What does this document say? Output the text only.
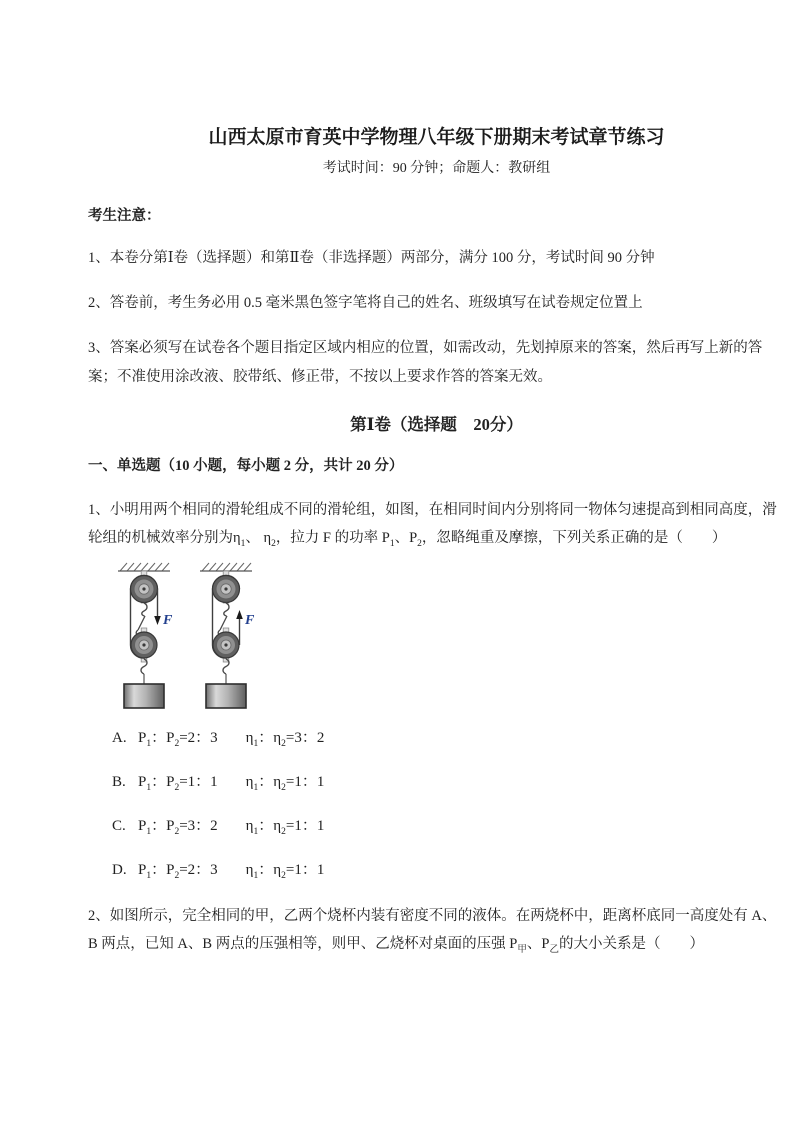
山西太原市育英中学物理八年级下册期末考试章节练习
考试时间：90 分钟；命题人：教研组
考生注意：

1、本卷分第Ⅰ卷（选择题）和第Ⅱ卷（非选择题）两部分，满分 100 分，考试时间 90 分钟

2、答卷前，考生务必用 0.5 毫米黑色签字笔将自己的姓名、班级填写在试卷规定位置上

3、答案必须写在试卷各个题目指定区域内相应的位置，如需改动，先划掉原来的答案，然后再写上新的答案；不准使用涂改液、胶带纸、修正带，不按以上要求作答的答案无效。

第Ⅰ卷（选择题　20分）
一、单选题（10 小题，每小题 2 分，共计 20 分）

1、小明用两个相同的滑轮组成不同的滑轮组，如图，在相同时间内分别将同一物体匀速提高到相同高度，滑轮组的机械效率分别为$\eta_1$、 $\eta_2$，拉力 F 的功率 $P_1$、$P_2$，忽略绳重及摩擦，下列关系正确的是（　　）

F	F
A. $P_1$：$P_2=2$：3 $\eta_1$：$\eta_2=3$：2
B. $P_1$：$P_2=1$：1 $\eta_1$：$\eta_2=1$：1
C. $P_1$：$P_2=3$：2 $\eta_1$：$\eta_2=1$：1
D. $P_1$：$P_2=2$：3 $\eta_1$：$\eta_2=1$：1

2、如图所示，完全相同的甲，乙两个烧杯内装有密度不同的液体。在两烧杯中，距离杯底同一高度处有 A、B 两点，已知 A、B 两点的压强相等，则甲、乙烧杯对桌面的压强 $P_甲$、$P_乙$的大小关系是（　　）
